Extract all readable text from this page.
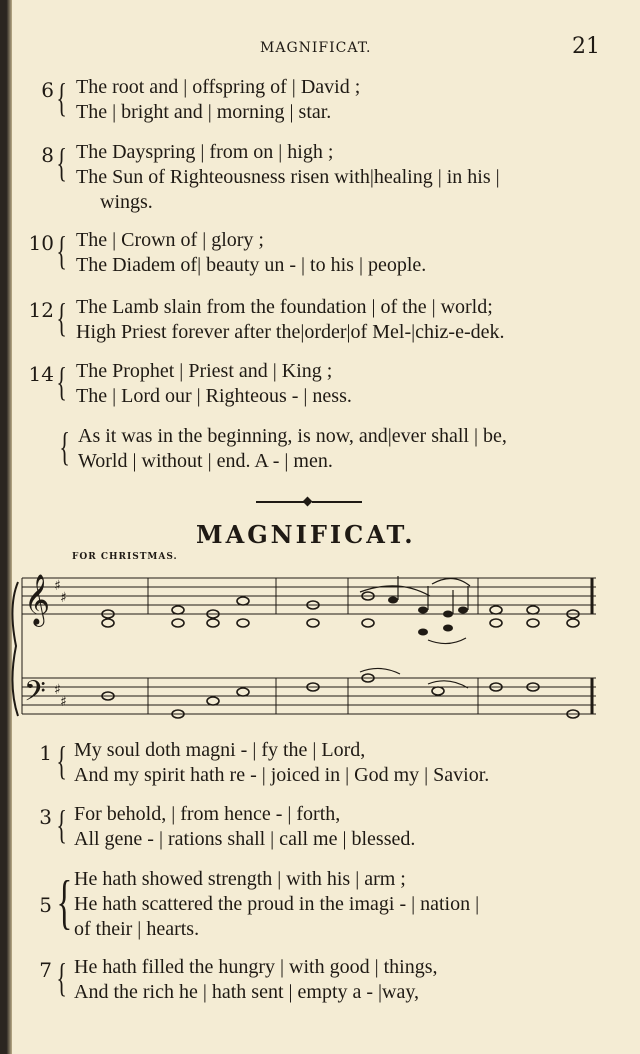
MAGNIFICAT.	21
6 { The root and | offspring of | David ;
The | bright and | morning | star.
8 { The Dayspring | from on | high ;
The Sun of Righteousness risen with|healing | in his |
wings.
10 { The | Crown of | glory ;
The Diadem of| beauty un - | to his | people.
12 { The Lamb slain from the foundation | of the | world;
High Priest forever after the|order|of Mel-|chiz-e-dek.
14 { The Prophet | Priest and | King ;
The | Lord our | Righteous - | ness.
{ As it was in the beginning, is now, and|ever shall | be,
World | without | end. A - | men.
MAGNIFICAT.
FOR CHRISTMAS.
𝄞
𝄢
♯
♯
♯
♯
1 { My soul doth magni - | fy the | Lord,
And my spirit hath re - | joiced in | God my | Savior.
3 { For behold, | from hence - | forth,
All gene - | rations shall | call me | blessed.
5 { He hath showed strength | with his | arm ;
He hath scattered the proud in the imagi - | nation |
of their | hearts.
7 { He hath filled the hungry | with good | things,
And the rich he | hath sent | empty a - |way,
